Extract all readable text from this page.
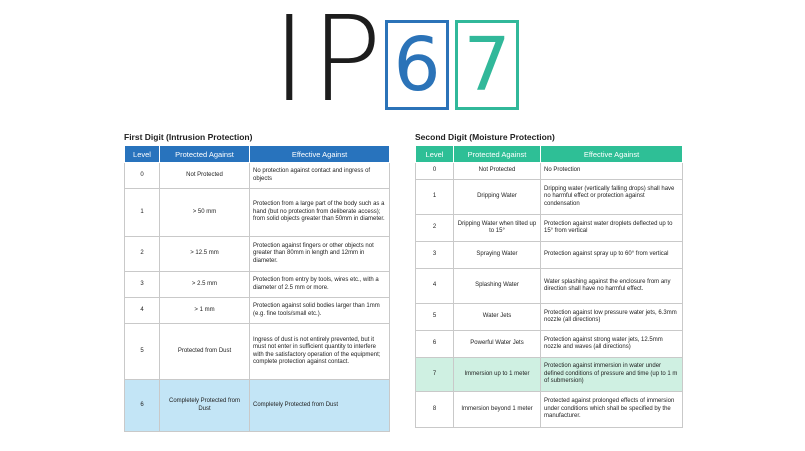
IP 6 7
First Digit (Intrusion Protection)
Level	Protected Against	Effective Against
0	Not Protected	No protection against contact and ingress of objects
1	> 50 mm	Protection from a large part of the body such as a hand (but no protection from deliberate access); from solid objects greater than 50mm in diameter.
2	> 12.5 mm	Protection against fingers or other objects not greater than 80mm in length and 12mm in diameter.
3	> 2.5 mm	Protection from entry by tools, wires etc., with a diameter of 2.5 mm or more.
4	> 1 mm	Protection against solid bodies larger than 1mm (e.g. fine tools/small etc.).
5	Protected from Dust	Ingress of dust is not entirely prevented, but it must not enter in sufficient quantity to interfere with the satisfactory operation of the equipment; complete protection against contact.
6	Completely Protected from Dust	Completely Protected from Dust
Second Digit (Moisture Protection)
Level	Protected Against	Effective Against
0	Not Protected	No Protection
1	Dripping Water	Dripping water (vertically falling drops) shall have no harmful effect or protection against condensation
2	Dripping Water when tilted up to 15°	Protection against water droplets deflected up to 15° from vertical
3	Spraying Water	Protection against spray up to 60° from vertical
4	Splashing Water	Water splashing against the enclosure from any direction shall have no harmful effect.
5	Water Jets	Protection against low pressure water jets, 6.3mm nozzle (all directions)
6	Powerful Water Jets	Protection against strong water jets, 12.5mm nozzle and waves (all directions)
7	Immersion up to 1 meter	Protection against immersion in water under defined conditions of pressure and time (up to 1 m of submersion)
8	Immersion beyond 1 meter	Protected against prolonged effects of immersion under conditions which shall be specified by the manufacturer.
